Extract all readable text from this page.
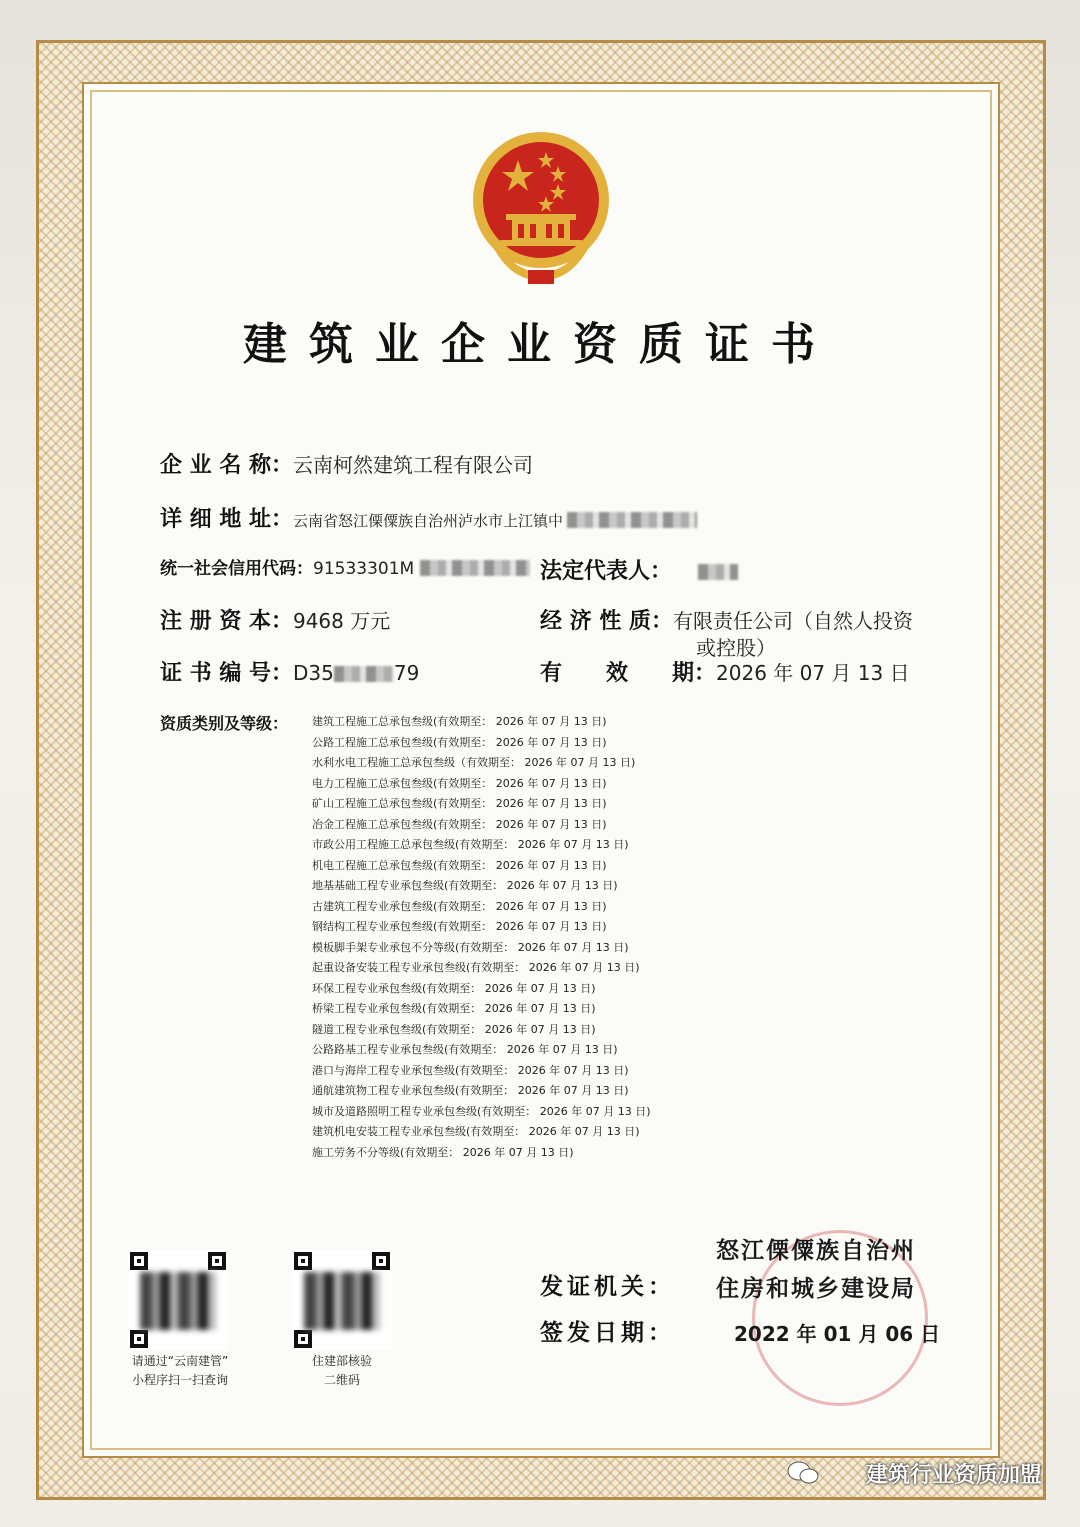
建筑业企业资质证书
企 业 名 称：云南柯然建筑工程有限公司
详 细 地 址：云南省怒江傈僳族自治州泸水市上江镇中
统一社会信用代码：91533301M	法定代表人：
注 册 资 本：9468 万元	经 济 性 质：有限责任公司（自然人投资
或控股）
证 书 编 号：D35	79	有　　效　　期：2026 年 07 月 13 日
资质类别及等级： 建筑工程施工总承包叁级(有效期至： 2026 年 07 月 13 日)
公路工程施工总承包叁级(有效期至： 2026 年 07 月 13 日)
水利水电工程施工总承包叁级（有效期至： 2026 年 07 月 13 日)
电力工程施工总承包叁级(有效期至： 2026 年 07 月 13 日)
矿山工程施工总承包叁级(有效期至： 2026 年 07 月 13 日)
冶金工程施工总承包叁级(有效期至： 2026 年 07 月 13 日)
市政公用工程施工总承包叁级(有效期至： 2026 年 07 月 13 日)
机电工程施工总承包叁级(有效期至： 2026 年 07 月 13 日)
地基基础工程专业承包叁级(有效期至： 2026 年 07 月 13 日)
古建筑工程专业承包叁级(有效期至： 2026 年 07 月 13 日)
钢结构工程专业承包叁级(有效期至： 2026 年 07 月 13 日)
模板脚手架专业承包不分等级(有效期至： 2026 年 07 月 13 日)
起重设备安装工程专业承包叁级(有效期至： 2026 年 07 月 13 日)
环保工程专业承包叁级(有效期至： 2026 年 07 月 13 日)
桥梁工程专业承包叁级(有效期至： 2026 年 07 月 13 日)
隧道工程专业承包叁级(有效期至： 2026 年 07 月 13 日)
公路路基工程专业承包叁级(有效期至： 2026 年 07 月 13 日)
港口与海岸工程专业承包叁级(有效期至： 2026 年 07 月 13 日)
通航建筑物工程专业承包叁级(有效期至： 2026 年 07 月 13 日)
城市及道路照明工程专业承包叁级(有效期至： 2026 年 07 月 13 日)
建筑机电安装工程专业承包叁级(有效期至： 2026 年 07 月 13 日)
施工劳务不分等级(有效期至： 2026 年 07 月 13 日)
请通过“云南建管”
小程序扫一扫查询
住建部核验
二维码
怒江傈僳族自治州
发证机关： 住房和城乡建设局
签发日期：	2022 年 01 月 06 日
建筑行业资质加盟
